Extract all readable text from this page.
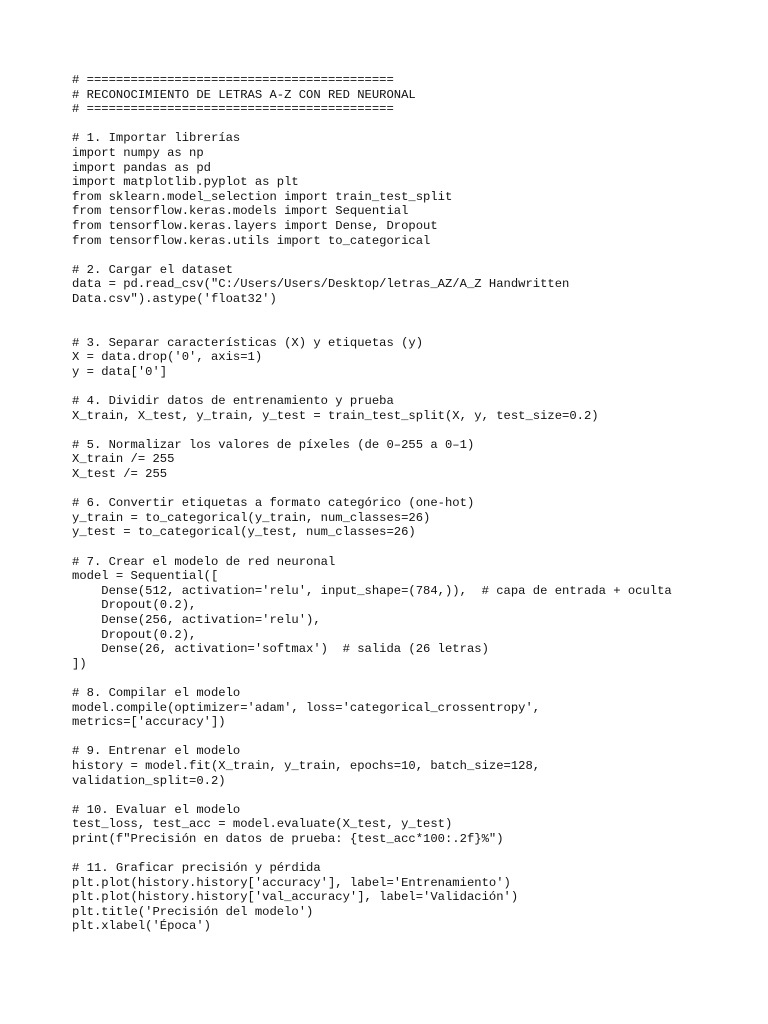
# ==========================================
# RECONOCIMIENTO DE LETRAS A-Z CON RED NEURONAL
# ==========================================
# 1. Importar librerías
import numpy as np
import pandas as pd
import matplotlib.pyplot as plt
from sklearn.model_selection import train_test_split
from tensorflow.keras.models import Sequential
from tensorflow.keras.layers import Dense, Dropout
from tensorflow.keras.utils import to_categorical
# 2. Cargar el dataset
data = pd.read_csv("C:/Users/Users/Desktop/letras_AZ/A_Z Handwritten
Data.csv").astype('float32')
# 3. Separar características (X) y etiquetas (y)
X = data.drop('0', axis=1)
y = data['0']
# 4. Dividir datos de entrenamiento y prueba
X_train, X_test, y_train, y_test = train_test_split(X, y, test_size=0.2)
# 5. Normalizar los valores de píxeles (de 0–255 a 0–1)
X_train /= 255
X_test /= 255
# 6. Convertir etiquetas a formato categórico (one-hot)
y_train = to_categorical(y_train, num_classes=26)
y_test = to_categorical(y_test, num_classes=26)
# 7. Crear el modelo de red neuronal
model = Sequential([
Dense(512, activation='relu', input_shape=(784,)),  # capa de entrada + oculta
Dropout(0.2),
Dense(256, activation='relu'),
Dropout(0.2),
Dense(26, activation='softmax')  # salida (26 letras)
])
# 8. Compilar el modelo
model.compile(optimizer='adam', loss='categorical_crossentropy',
metrics=['accuracy'])
# 9. Entrenar el modelo
history = model.fit(X_train, y_train, epochs=10, batch_size=128,
validation_split=0.2)
# 10. Evaluar el modelo
test_loss, test_acc = model.evaluate(X_test, y_test)
print(f"Precisión en datos de prueba: {test_acc*100:.2f}%")
# 11. Graficar precisión y pérdida
plt.plot(history.history['accuracy'], label='Entrenamiento')
plt.plot(history.history['val_accuracy'], label='Validación')
plt.title('Precisión del modelo')
plt.xlabel('Época')
